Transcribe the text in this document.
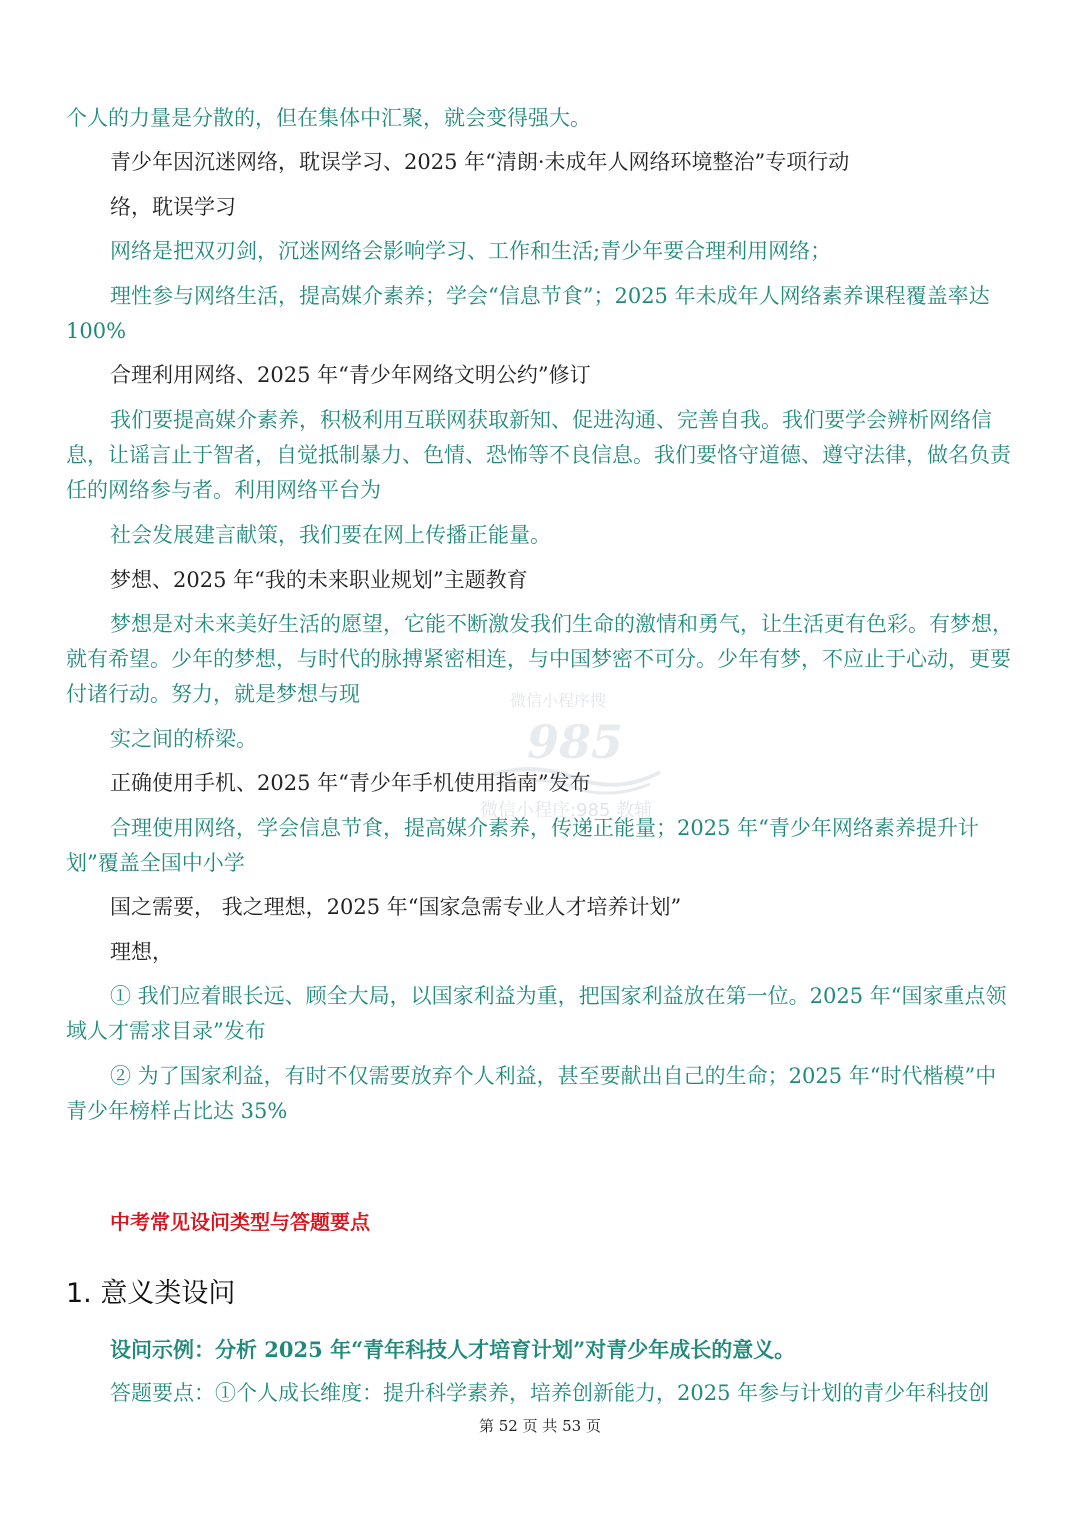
个人的力量是分散的，但在集体中汇聚，就会变得强大。

青少年因沉迷网络，耽误学习、2025 年“清朗·未成年人网络环境整治”专项行动

络，耽误学习

网络是把双刃剑，沉迷网络会影响学习、工作和生活;青少年要合理利用网络；

理性参与网络生活，提高媒介素养；学会“信息节食”；2025 年未成年人网络素养课程覆盖率达 100%

合理利用网络、2025 年“青少年网络文明公约”修订

我们要提高媒介素养，积极利用互联网获取新知、促进沟通、完善自我。我们要学会辨析网络信息，让谣言止于智者，自觉抵制暴力、色情、恐怖等不良信息。我们要恪守道德、遵守法律，做名负责任的网络参与者。利用网络平台为

社会发展建言献策，我们要在网上传播正能量。

梦想、2025 年“我的未来职业规划”主题教育

梦想是对未来美好生活的愿望，它能不断激发我们生命的激情和勇气，让生活更有色彩。有梦想，就有希望。少年的梦想，与时代的脉搏紧密相连，与中国梦密不可分。少年有梦，不应止于心动，更要付诸行动。努力，就是梦想与现

实之间的桥梁。

正确使用手机、2025 年“青少年手机使用指南”发布

合理使用网络，学会信息节食，提高媒介素养，传递正能量；2025 年“青少年网络素养提升计划”覆盖全国中小学

国之需要， 我之理想，2025 年“国家急需专业人才培养计划”

理想，

① 我们应着眼长远、顾全大局，以国家利益为重，把国家利益放在第一位。2025 年“国家重点领域人才需求目录”发布

② 为了国家利益，有时不仅需要放弃个人利益，甚至要献出自己的生命；2025 年“时代楷模”中青少年榜样占比达 35%

中考常见设问类型与答题要点

1. 意义类设问

设问示例：分析 2025 年“青年科技人才培育计划”对青少年成长的意义。

答题要点：①个人成长维度：提升科学素养，培养创新能力，2025 年参与计划的青少年科技创

第 52 页 共 53 页
微信小程序搜
985
微信小程序:985 教辅
